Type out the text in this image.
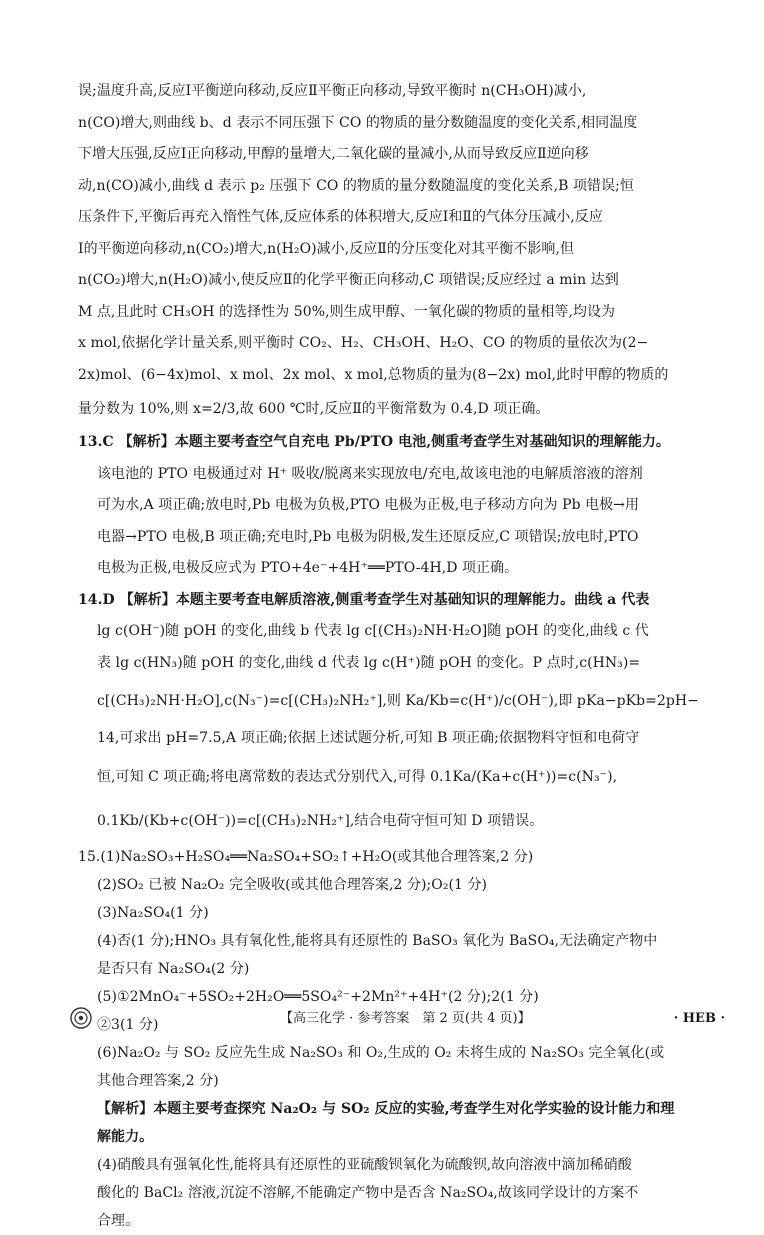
误;温度升高,反应Ⅰ平衡逆向移动,反应Ⅱ平衡正向移动,导致平衡时 n(CH₃OH)减小,
n(CO)增大,则曲线 b、d 表示不同压强下 CO 的物质的量分数随温度的变化关系,相同温度
下增大压强,反应Ⅰ正向移动,甲醇的量增大,二氧化碳的量减小,从而导致反应Ⅱ逆向移
动,n(CO)减小,曲线 d 表示 p₂ 压强下 CO 的物质的量分数随温度的变化关系,B 项错误;恒
压条件下,平衡后再充入惰性气体,反应体系的体积增大,反应Ⅰ和Ⅱ的气体分压减小,反应
Ⅰ的平衡逆向移动,n(CO₂)增大,n(H₂O)减小,反应Ⅱ的分压变化对其平衡不影响,但
n(CO₂)增大,n(H₂O)减小,使反应Ⅱ的化学平衡正向移动,C 项错误;反应经过 a min 达到
M 点,且此时 CH₃OH 的选择性为 50%,则生成甲醇、一氧化碳的物质的量相等,均设为
x mol,依据化学计量关系,则平衡时 CO₂、H₂、CH₃OH、H₂O、CO 的物质的量依次为(2−
2x)mol、(6−4x)mol、x mol、2x mol、x mol,总物质的量为(8−2x) mol,此时甲醇的物质的
量分数为 10%,则 x=2/3,故 600 ℃时,反应Ⅱ的平衡常数为 0.4,D 项正确。
13.C 【解析】本题主要考查空气自充电 Pb/PTO 电池,侧重考查学生对基础知识的理解能力。
该电池的 PTO 电极通过对 H⁺ 吸收/脱离来实现放电/充电,故该电池的电解质溶液的溶剂
可为水,A 项正确;放电时,Pb 电极为负极,PTO 电极为正极,电子移动方向为 Pb 电极→用
电器→PTO 电极,B 项正确;充电时,Pb 电极为阴极,发生还原反应,C 项错误;放电时,PTO
电极为正极,电极反应式为 PTO+4e⁻+4H⁺══PTO-4H,D 项正确。
14.D 【解析】本题主要考查电解质溶液,侧重考查学生对基础知识的理解能力。曲线 a 代表
lg c(OH⁻)随 pOH 的变化,曲线 b 代表 lg c[(CH₃)₂NH·H₂O]随 pOH 的变化,曲线 c 代
表 lg c(HN₃)随 pOH 的变化,曲线 d 代表 lg c(H⁺)随 pOH 的变化。P 点时,c(HN₃)=
c[(CH₃)₂NH·H₂O],c(N₃⁻)=c[(CH₃)₂NH₂⁺],则 Ka/Kb=c(H⁺)/c(OH⁻),即 pKa−pKb=2pH−
14,可求出 pH=7.5,A 项正确;依据上述试题分析,可知 B 项正确;依据物料守恒和电荷守
恒,可知 C 项正确;将电离常数的表达式分别代入,可得 0.1Ka/(Ka+c(H⁺))=c(N₃⁻),
0.1Kb/(Kb+c(OH⁻))=c[(CH₃)₂NH₂⁺],结合电荷守恒可知 D 项错误。
15.(1)Na₂SO₃+H₂SO₄══Na₂SO₄+SO₂↑+H₂O(或其他合理答案,2 分)
(2)SO₂ 已被 Na₂O₂ 完全吸收(或其他合理答案,2 分);O₂(1 分)
(3)Na₂SO₄(1 分)
(4)否(1 分);HNO₃ 具有氧化性,能将具有还原性的 BaSO₃ 氧化为 BaSO₄,无法确定产物中
是否只有 Na₂SO₄(2 分)
(5)①2MnO₄⁻+5SO₂+2H₂O══5SO₄²⁻+2Mn²⁺+4H⁺(2 分);2(1 分)
②3(1 分)
(6)Na₂O₂ 与 SO₂ 反应先生成 Na₂SO₃ 和 O₂,生成的 O₂ 未将生成的 Na₂SO₃ 完全氧化(或
其他合理答案,2 分)
【解析】本题主要考查探究 Na₂O₂ 与 SO₂ 反应的实验,考查学生对化学实验的设计能力和理
解能力。
(4)硝酸具有强氧化性,能将具有还原性的亚硫酸钡氧化为硫酸钡,故向溶液中滴加稀硝酸
酸化的 BaCl₂ 溶液,沉淀不溶解,不能确定产物中是否含 Na₂SO₄,故该同学设计的方案不
合理。
【高三化学 · 参考答案　第 2 页(共 4 页)】	· HEB ·
